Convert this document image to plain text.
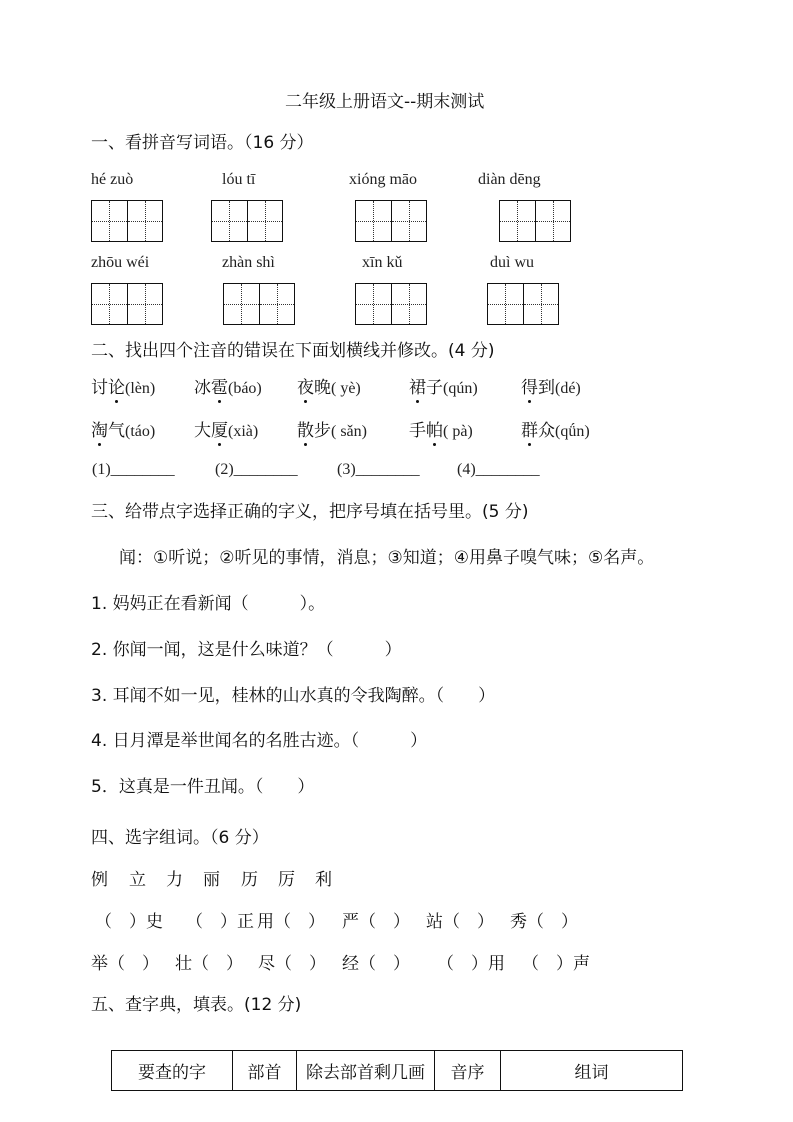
二年级上册语文--期末测试
一、看拼音写词语。（16 分）
hé zuò	lóu tī	xióng māo	diàn dēng
zhōu wéi	zhàn shì	xīn kǔ	duì wu
二、找出四个注音的错误在下面划横线并修改。(4 分)
讨论(lèn) 冰雹(báo) 夜晚( yè)	裙子(qún)	得到(dé)
淘气(táo) 大厦(xià) 散步( sǎn) 手帕( pà)	群众(qǘn)
(1)________	(2)________ (3)________ (4)________
三、给带点字选择正确的字义，把序号填在括号里。(5 分)
闻：①听说；②听见的事情，消息；③知道；④用鼻子嗅气味；⑤名声。
1. 妈妈正在看新闻（　　　）。
2. 你闻一闻，这是什么味道？（　　　）
3. 耳闻不如一见，桂林的山水真的令我陶醉。（　　）
4. 日月潭是举世闻名的名胜古迹。（　　　）
5．这真是一件丑闻。（　　）
四、选字组词。（6 分）
例 立 力 丽 历 厉 利
（　）史 （　）正 用（　） 严（　） 站（　） 秀（　）
举（　） 壮（　） 尽（　） 经（　） （　）用 （　）声
五、查字典，填表。(12 分)
要查的字	部首	除去部首剩几画	音序	组词
